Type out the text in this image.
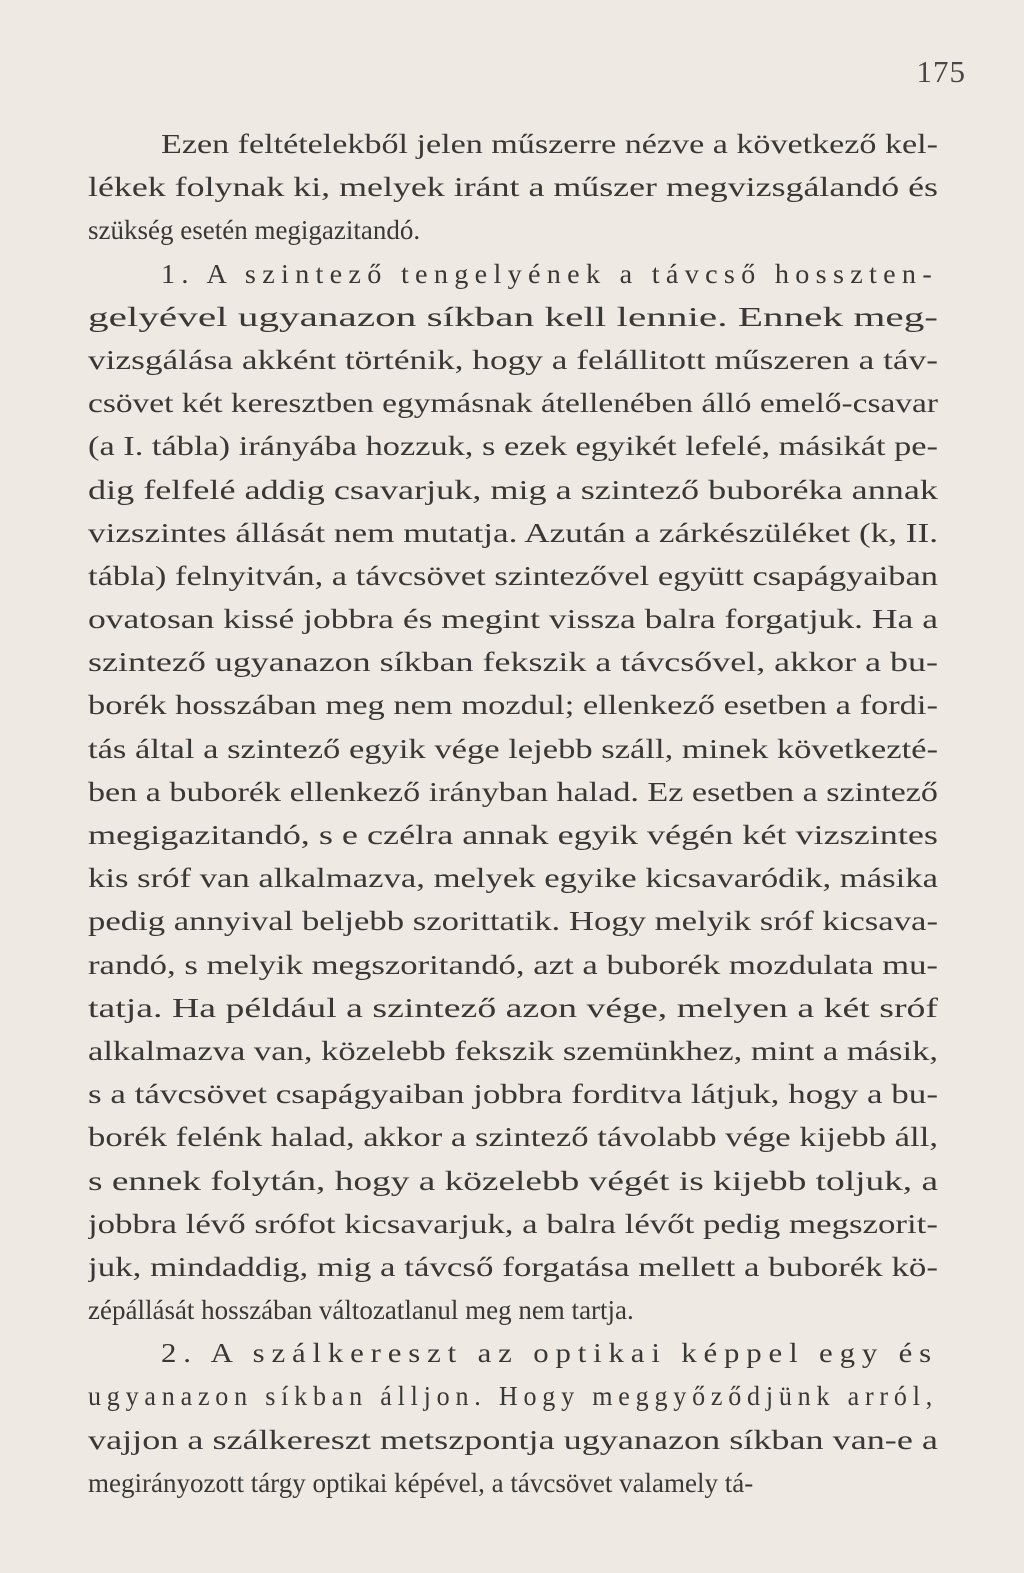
175
Ezen feltételekből jelen műszerre nézve a következő kel-
lékek folynak ki, melyek iránt a műszer megvizsgálandó és
szükség esetén megigazitandó.
1. A szintező tengelyének a távcső hosszten-
gelyével ugyanazon síkban kell lennie. Ennek meg-
vizsgálása akként történik, hogy a felállitott műszeren a táv-
csövet két keresztben egymásnak átellenében álló emelő-csavar
(a I. tábla) irányába hozzuk, s ezek egyikét lefelé, másikát pe-
dig felfelé addig csavarjuk, mig a szintező buboréka annak
vizszintes állását nem mutatja. Azután a zárkészüléket (k, II.
tábla) felnyitván, a távcsövet szintezővel együtt csapágyaiban
ovatosan kissé jobbra és megint vissza balra forgatjuk. Ha a
szintező ugyanazon síkban fekszik a távcsővel, akkor a bu-
borék hosszában meg nem mozdul; ellenkező esetben a fordi-
tás által a szintező egyik vége lejebb száll, minek következté-
ben a buborék ellenkező irányban halad. Ez esetben a szintező
megigazitandó, s e czélra annak egyik végén két vizszintes
kis sróf van alkalmazva, melyek egyike kicsavaródik, másika
pedig annyival beljebb szorittatik. Hogy melyik sróf kicsava-
randó, s melyik megszoritandó, azt a buborék mozdulata mu-
tatja. Ha például a szintező azon vége, melyen a két sróf
alkalmazva van, közelebb fekszik szemünkhez, mint a másik,
s a távcsövet csapágyaiban jobbra forditva látjuk, hogy a bu-
borék felénk halad, akkor a szintező távolabb vége kijebb áll,
s ennek folytán, hogy a közelebb végét is kijebb toljuk, a
jobbra lévő srófot kicsavarjuk, a balra lévőt pedig megszorit-
juk, mindaddig, mig a távcső forgatása mellett a buborék kö-
zépállását hosszában változatlanul meg nem tartja.
2. A szálkereszt az optikai képpel egy és
ugyanazon síkban álljon. Hogy meggyőződjünk arról,
vajjon a szálkereszt metszpontja ugyanazon síkban van-e a
megirányozott tárgy optikai képével, a távcsövet valamely tá-
